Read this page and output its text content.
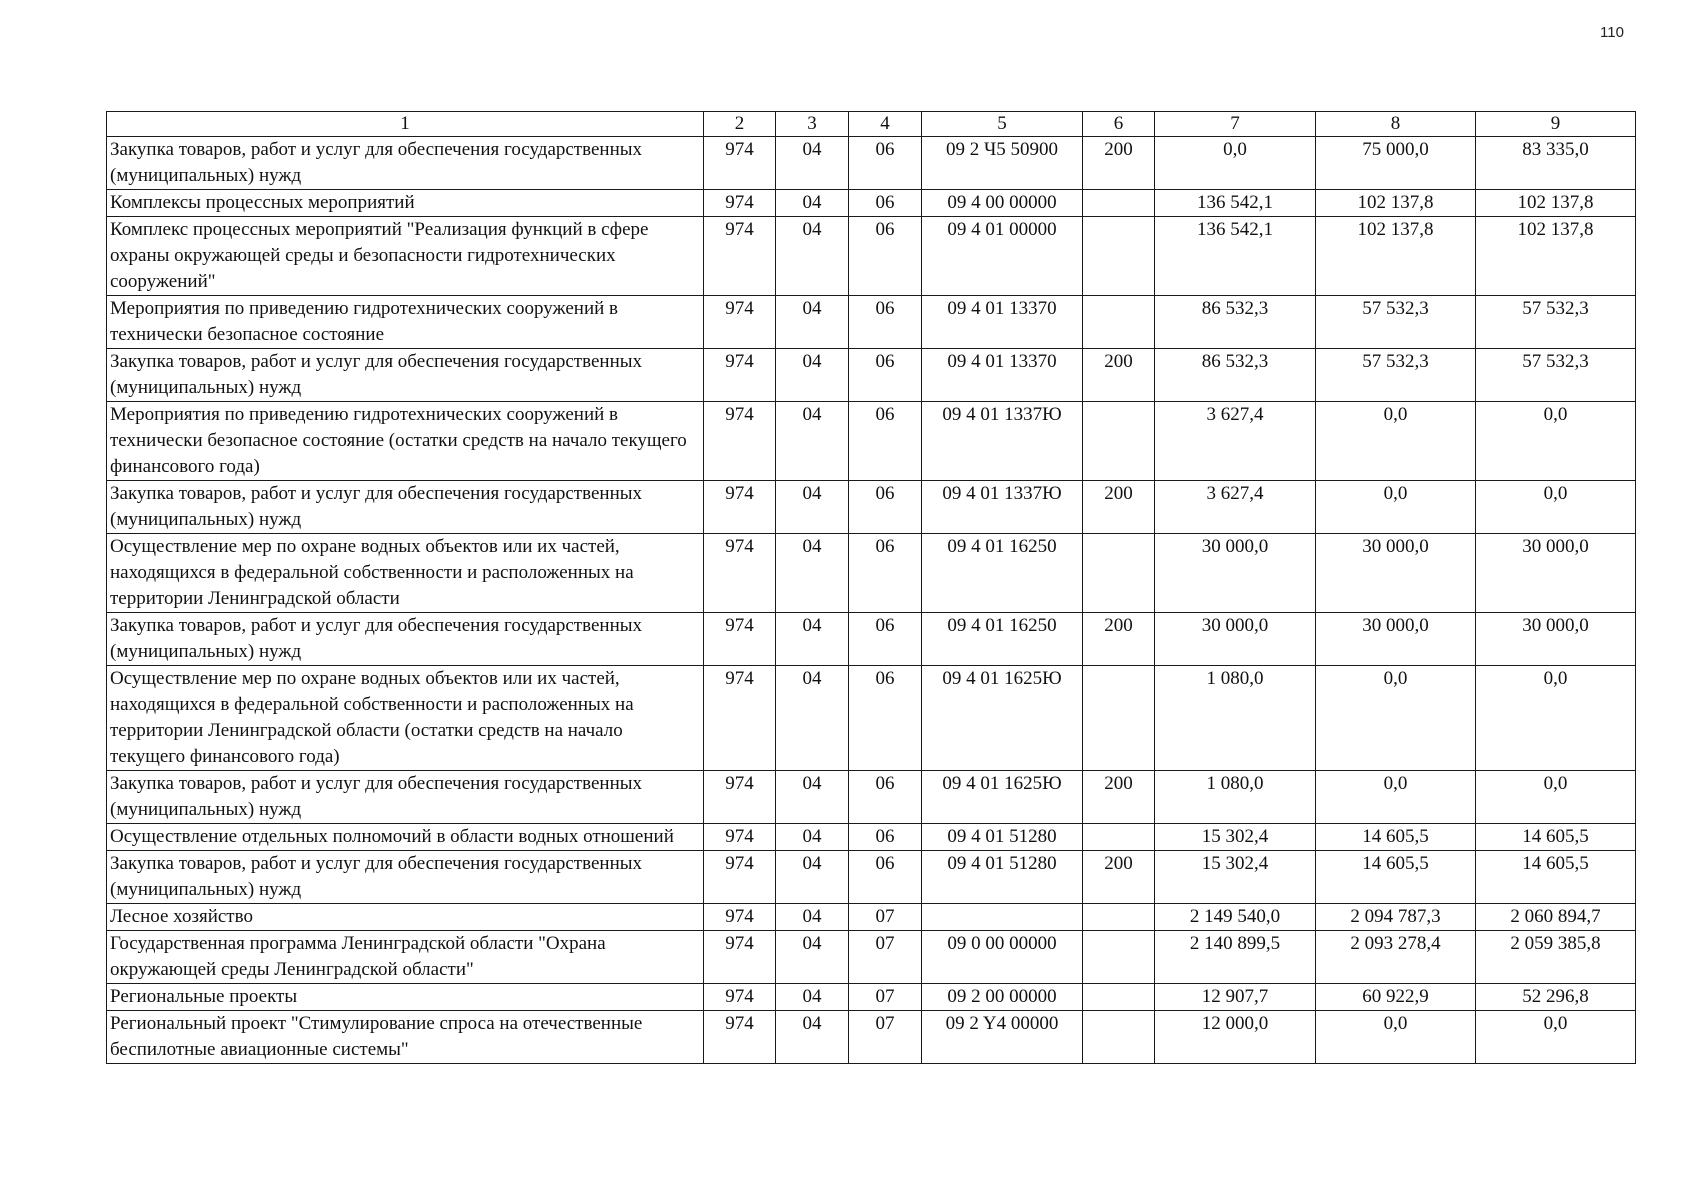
110
1	2	3	4	5	6	7	8	9
Закупка товаров, работ и услуг для обеспечения государственных (муниципальных) нужд	974	04	06	09 2 Ч5 50900	200	0,0	75 000,0	83 335,0
Комплексы процессных мероприятий	974	04	06	09 4 00 00000		136 542,1	102 137,8	102 137,8
Комплекс процессных мероприятий "Реализация функций в сфере охраны окружающей среды и безопасности гидротехнических сооружений"	974	04	06	09 4 01 00000		136 542,1	102 137,8	102 137,8
Мероприятия по приведению гидротехнических сооружений в технически безопасное состояние	974	04	06	09 4 01 13370		86 532,3	57 532,3	57 532,3
Закупка товаров, работ и услуг для обеспечения государственных (муниципальных) нужд	974	04	06	09 4 01 13370	200	86 532,3	57 532,3	57 532,3
Мероприятия по приведению гидротехнических сооружений в технически безопасное состояние (остатки средств на начало текущего финансового года)	974	04	06	09 4 01 1337Ю		3 627,4	0,0	0,0
Закупка товаров, работ и услуг для обеспечения государственных (муниципальных) нужд	974	04	06	09 4 01 1337Ю	200	3 627,4	0,0	0,0
Осуществление мер по охране водных объектов или их частей, находящихся в федеральной собственности и расположенных на территории Ленинградской области	974	04	06	09 4 01 16250		30 000,0	30 000,0	30 000,0
Закупка товаров, работ и услуг для обеспечения государственных (муниципальных) нужд	974	04	06	09 4 01 16250	200	30 000,0	30 000,0	30 000,0
Осуществление мер по охране водных объектов или их частей, находящихся в федеральной собственности и расположенных на территории Ленинградской области (остатки средств на начало текущего финансового года)	974	04	06	09 4 01 1625Ю		1 080,0	0,0	0,0
Закупка товаров, работ и услуг для обеспечения государственных (муниципальных) нужд	974	04	06	09 4 01 1625Ю	200	1 080,0	0,0	0,0
Осуществление отдельных полномочий в области водных отношений	974	04	06	09 4 01 51280		15 302,4	14 605,5	14 605,5
Закупка товаров, работ и услуг для обеспечения государственных (муниципальных) нужд	974	04	06	09 4 01 51280	200	15 302,4	14 605,5	14 605,5
Лесное хозяйство	974	04	07			2 149 540,0	2 094 787,3	2 060 894,7
Государственная программа Ленинградской области "Охрана окружающей среды Ленинградской области"	974	04	07	09 0 00 00000		2 140 899,5	2 093 278,4	2 059 385,8
Региональные проекты	974	04	07	09 2 00 00000		12 907,7	60 922,9	52 296,8
Региональный проект "Стимулирование спроса на отечественные беспилотные авиационные системы"	974	04	07	09 2 Y4 00000		12 000,0	0,0	0,0
